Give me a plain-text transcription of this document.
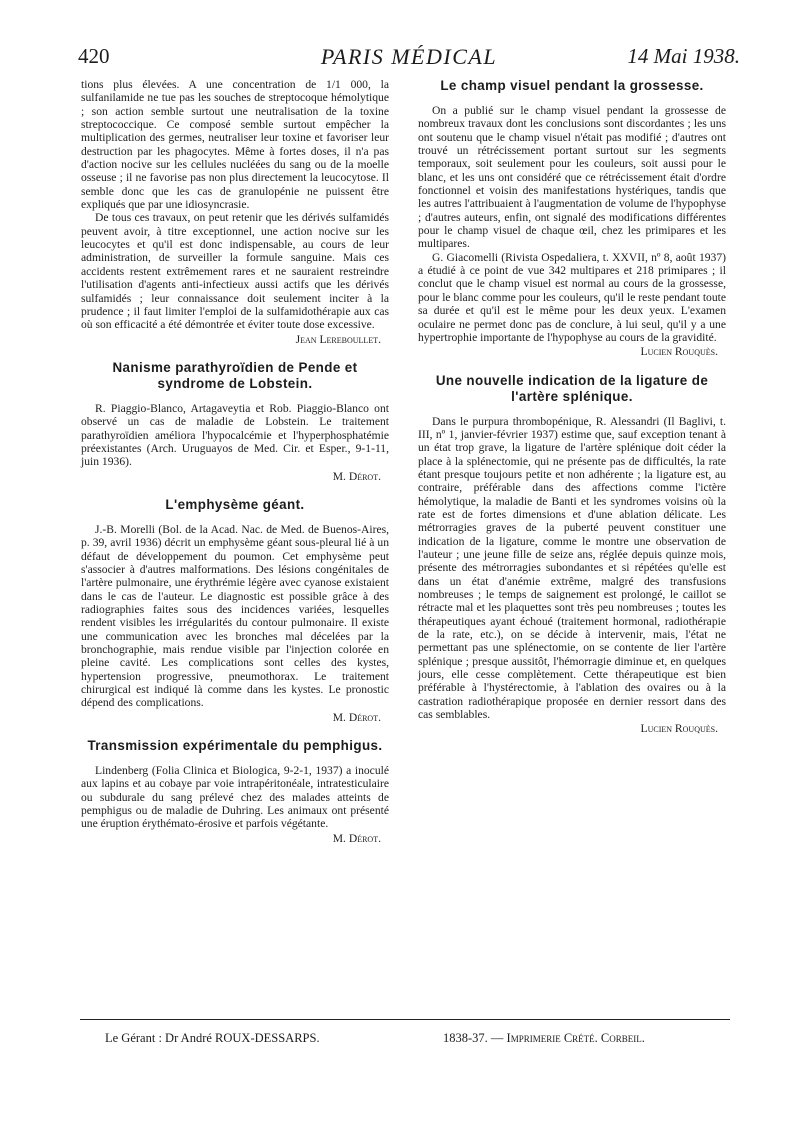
420	PARIS MÉDICAL	14 Mai 1938.

tions plus élevées. A une concentration de 1/1 000, la sulfanilamide ne tue pas les souches de streptocoque hémolytique ; son action semble surtout une neutralisation de la toxine streptococcique. Ce composé semble surtout empêcher la multiplication des germes, neutraliser leur toxine et favoriser leur destruction par les phagocytes. Même à fortes doses, il n'a pas d'action nocive sur les cellules nucléées du sang ou de la moelle osseuse ; il ne favorise pas non plus directement la leucocytose. Il semble donc que les cas de granulopénie ne puissent être expliqués que par une idiosyncrasie.

De tous ces travaux, on peut retenir que les dérivés sulfamidés peuvent avoir, à titre exceptionnel, une action nocive sur les leucocytes et qu'il est donc indispensable, au cours de leur administration, de surveiller la formule sanguine. Mais ces accidents restent extrêmement rares et ne sauraient restreindre l'utilisation d'agents anti-infectieux aussi actifs que les dérivés sulfamidés ; leur connaissance doit seulement inciter à la prudence ; il faut limiter l'emploi de la sulfamidothérapie aux cas où son efficacité a été démontrée et éviter toute dose excessive.

Jean Lereboullet.
Nanisme parathyroïdien de Pende et syndrome de Lobstein.

R. Piaggio-Blanco, Artagaveytia et Rob. Piaggio-Blanco ont observé un cas de maladie de Lobstein. Le traitement parathyroïdien améliora l'hypocalcémie et l'hyperphosphatémie préexistantes (Arch. Uruguayos de Med. Cir. et Esper., 9-1-11, juin 1936).

M. Dérot.
L'emphysème géant.

J.-B. Morelli (Bol. de la Acad. Nac. de Med. de Buenos-Aires, p. 39, avril 1936) décrit un emphysème géant sous-pleural lié à un défaut de développement du poumon. Cet emphysème peut s'associer à d'autres malformations. Des lésions congénitales de l'artère pulmonaire, une érythrémie légère avec cyanose existaient dans le cas de l'auteur. Le diagnostic est possible grâce à des radiographies faites sous des incidences variées, lesquelles rendent visibles les irrégularités du contour pulmonaire. Il existe une communication avec les bronches mal décelées par la bronchographie, mais rendue visible par l'injection colorée en pleine cavité. Les complications sont celles des kystes, hypertension progressive, pneumothorax. Le traitement chirurgical est indiqué là comme dans les kystes. Le pronostic dépend des complications.

M. Dérot.
Transmission expérimentale du pemphigus.

Lindenberg (Folia Clinica et Biologica, 9-2-1, 1937) a inoculé aux lapins et au cobaye par voie intrapéritonéale, intratesticulaire ou subdurale du sang prélevé chez des malades atteints de pemphigus ou de maladie de Duhring. Les animaux ont présenté une éruption érythémato-érosive et parfois végétante.

M. Dérot.
Le champ visuel pendant la grossesse.

On a publié sur le champ visuel pendant la grossesse de nombreux travaux dont les conclusions sont discordantes ; les uns ont soutenu que le champ visuel n'était pas modifié ; d'autres ont trouvé un rétrécissement portant surtout sur les segments temporaux, soit seulement pour les couleurs, soit aussi pour le blanc, et les uns ont considéré que ce rétrécissement était d'ordre fonctionnel et voisin des manifestations hystériques, tandis que les autres l'attribuaient à l'augmentation de volume de l'hypophyse ; d'autres auteurs, enfin, ont signalé des modifications différentes pour le champ visuel de chaque œil, chez les primipares et les multipares.

G. Giacomelli (Rivista Ospedaliera, t. XXVII, nº 8, août 1937) a étudié à ce point de vue 342 multipares et 218 primipares ; il conclut que le champ visuel est normal au cours de la grossesse, pour le blanc comme pour les couleurs, qu'il le reste pendant toute sa durée et qu'il est le même pour les deux yeux. L'examen oculaire ne permet donc pas de conclure, à lui seul, qu'il y a une hypertrophie importante de l'hypophyse au cours de la gravidité.

Lucien Rouquès.
Une nouvelle indication de la ligature de l'artère splénique.

Dans le purpura thrombopénique, R. Alessandri (Il Baglivi, t. III, nº 1, janvier-février 1937) estime que, sauf exception tenant à un état trop grave, la ligature de l'artère splénique doit céder la place à la splénectomie, qui ne présente pas de difficultés, la rate étant presque toujours petite et non adhérente ; la ligature est, au contraire, préférable dans des affections comme l'ictère hémolytique, la maladie de Banti et les syndromes voisins où la rate est de fortes dimensions et d'une ablation délicate. Les métrorragies graves de la puberté peuvent constituer une indication de la ligature, comme le montre une observation de l'auteur ; une jeune fille de seize ans, réglée depuis quinze mois, présente des métrorragies subondantes et si répétées qu'elle est dans un état d'anémie extrême, malgré des transfusions nombreuses ; le temps de saignement est prolongé, le caillot se rétracte mal et les plaquettes sont très peu nombreuses ; toutes les thérapeutiques ayant échoué (traitement hormonal, radiothérapie de la rate, etc.), on se décide à intervenir, mais, l'état ne permettant pas une splénectomie, on se contente de lier l'artère splénique ; presque aussitôt, l'hémorragie diminue et, en quelques jours, elle cesse complètement. Cette thérapeutique est bien préférable à l'hystérectomie, à l'ablation des ovaires ou à la castration radiothérapique proposée en dernier ressort dans des cas semblables.

Lucien Rouquès.
Le Gérant : Dr André ROUX-DESSARPS.	1838-37. — Imprimerie Crété. Corbeil.
